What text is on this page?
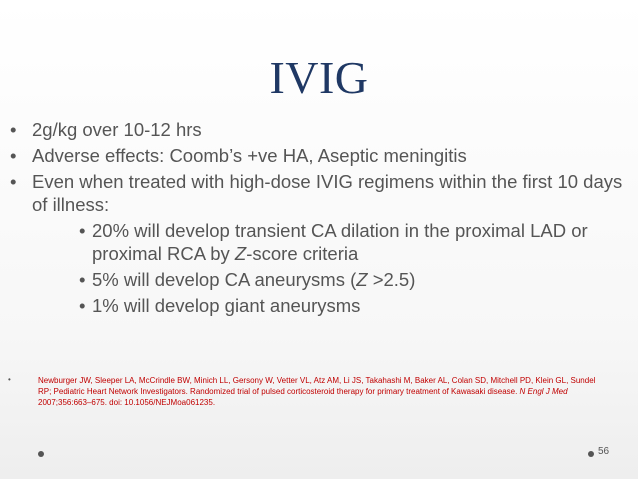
IVIG
• 2g/kg over 10-12 hrs
• Adverse effects: Coomb’s +ve HA, Aseptic meningitis
• Even when treated with high-dose IVIG regimens within the first 10 days of illness:
• 20% will develop transient CA dilation in the proximal LAD or proximal RCA by Z-score criteria
• 5% will develop CA aneurysms (Z >2.5)
• 1% will develop giant aneurysms
•	Newburger JW, Sleeper LA, McCrindle BW, Minich LL, Gersony W, Vetter VL, Atz AM, Li JS, Takahashi M, Baker AL, Colan SD, Mitchell PD, Klein GL, Sundel RP; Pediatric Heart Network Investigators. Randomized trial of pulsed corticosteroid therapy for primary treatment of Kawasaki disease. N Engl J Med 2007;356:663–675. doi: 10.1056/NEJMoa061235.
56
